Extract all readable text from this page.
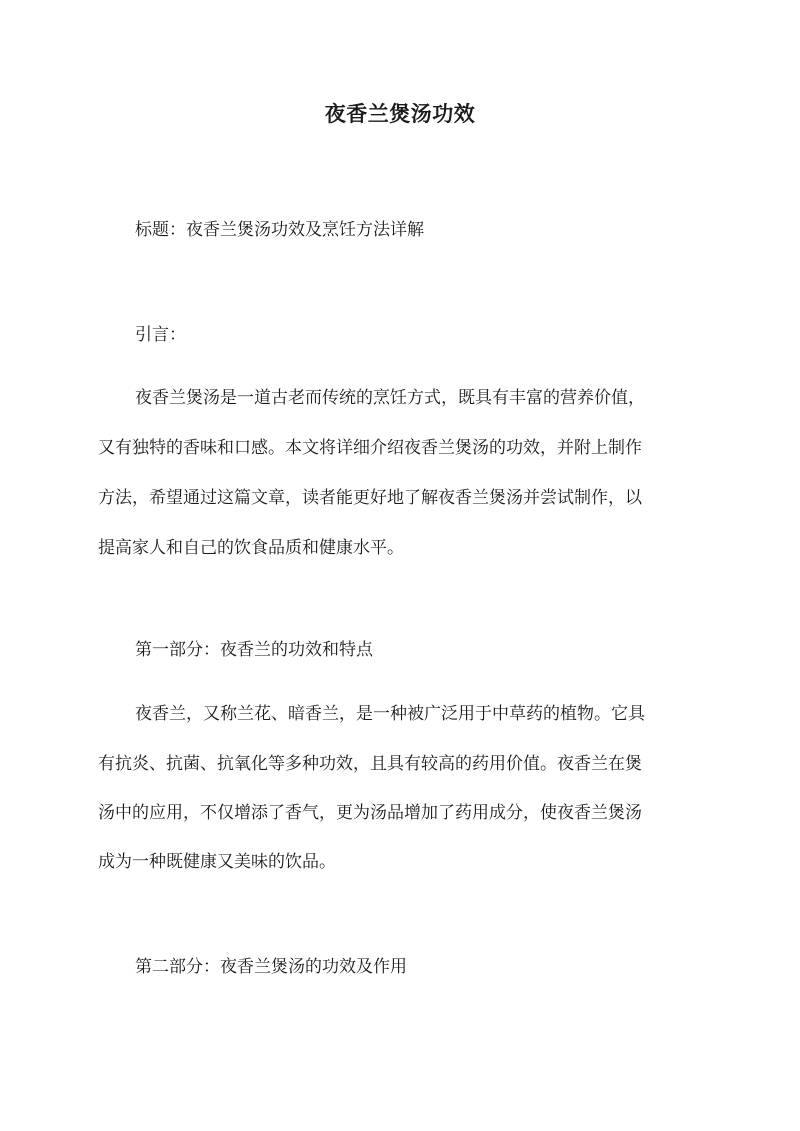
夜香兰煲汤功效
标题：夜香兰煲汤功效及烹饪方法详解
引言：
夜香兰煲汤是一道古老而传统的烹饪方式，既具有丰富的营养价值，
又有独特的香味和口感。本文将详细介绍夜香兰煲汤的功效，并附上制作
方法，希望通过这篇文章，读者能更好地了解夜香兰煲汤并尝试制作，以
提高家人和自己的饮食品质和健康水平。
第一部分：夜香兰的功效和特点
夜香兰，又称兰花、暗香兰，是一种被广泛用于中草药的植物。它具
有抗炎、抗菌、抗氧化等多种功效，且具有较高的药用价值。夜香兰在煲
汤中的应用，不仅增添了香气，更为汤品增加了药用成分，使夜香兰煲汤
成为一种既健康又美味的饮品。
第二部分：夜香兰煲汤的功效及作用
